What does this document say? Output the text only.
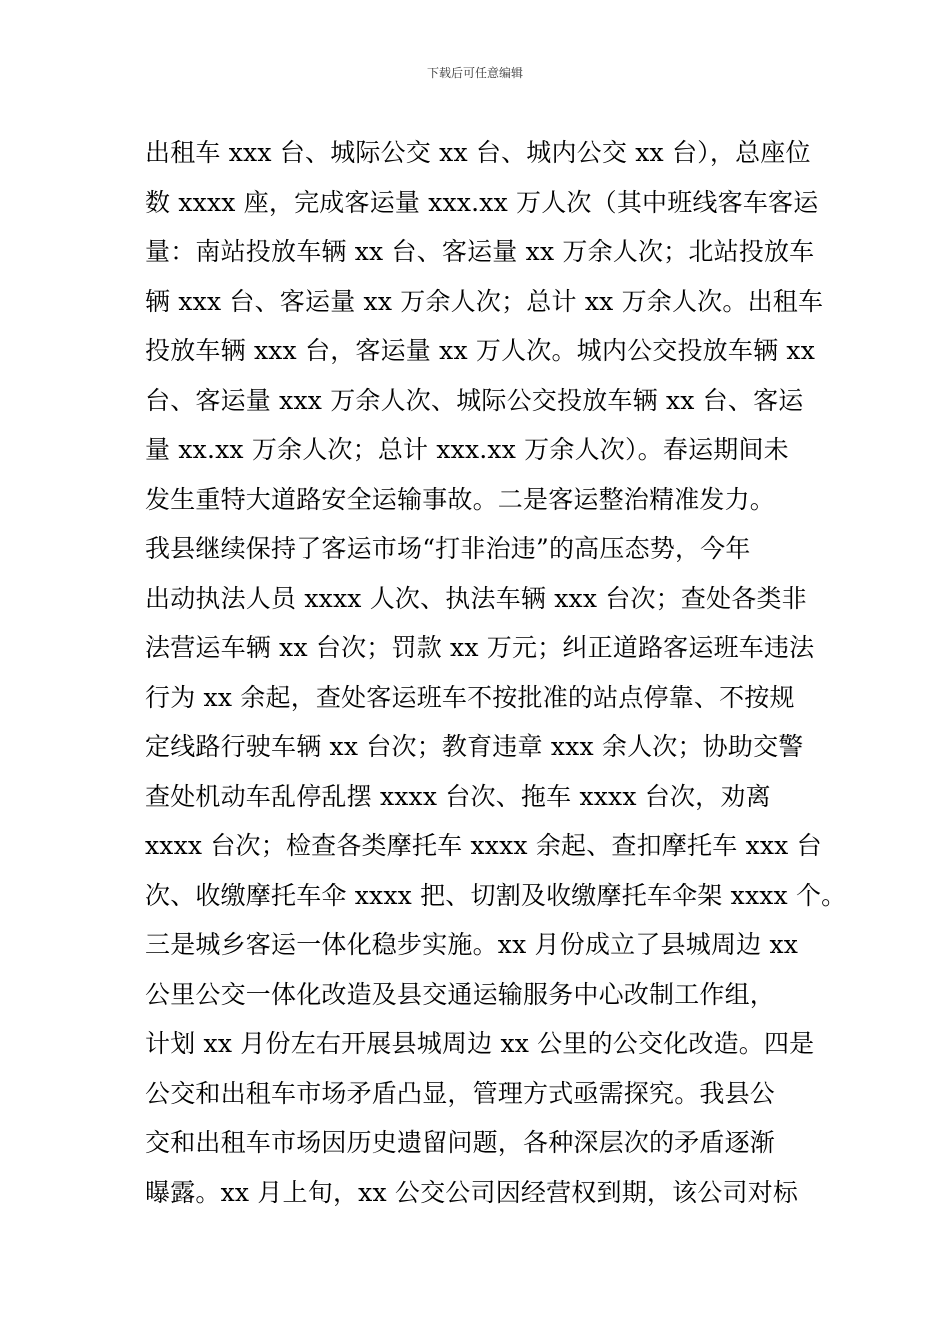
下载后可任意编辑
出租车 xxx 台、城际公交 xx 台、城内公交 xx 台），总座位
数 xxxx 座，完成客运量 xxx.xx 万人次（其中班线客车客运
量：南站投放车辆 xx 台、客运量 xx 万余人次；北站投放车
辆 xxx 台、客运量 xx 万余人次；总计 xx 万余人次。出租车
投放车辆 xxx 台，客运量 xx 万人次。城内公交投放车辆 xx
台、客运量 xxx 万余人次、城际公交投放车辆 xx 台、客运
量 xx.xx 万余人次；总计 xxx.xx 万余人次）。春运期间未
发生重特大道路安全运输事故。二是客运整治精准发力。
我县继续保持了客运市场“打非治违”的高压态势，今年
出动执法人员 xxxx 人次、执法车辆 xxx 台次；查处各类非
法营运车辆 xx 台次；罚款 xx 万元；纠正道路客运班车违法
行为 xx 余起，查处客运班车不按批准的站点停靠、不按规
定线路行驶车辆 xx 台次；教育违章 xxx 余人次；协助交警
查处机动车乱停乱摆 xxxx 台次、拖车 xxxx 台次，劝离
xxxx 台次；检查各类摩托车 xxxx 余起、查扣摩托车 xxx 台
次、收缴摩托车伞 xxxx 把、切割及收缴摩托车伞架 xxxx 个。
三是城乡客运一体化稳步实施。xx 月份成立了县城周边 xx
公里公交一体化改造及县交通运输服务中心改制工作组，
计划 xx 月份左右开展县城周边 xx 公里的公交化改造。四是
公交和出租车市场矛盾凸显，管理方式亟需探究。我县公
交和出租车市场因历史遗留问题，各种深层次的矛盾逐渐
曝露。xx 月上旬，xx 公交公司因经营权到期，该公司对标
